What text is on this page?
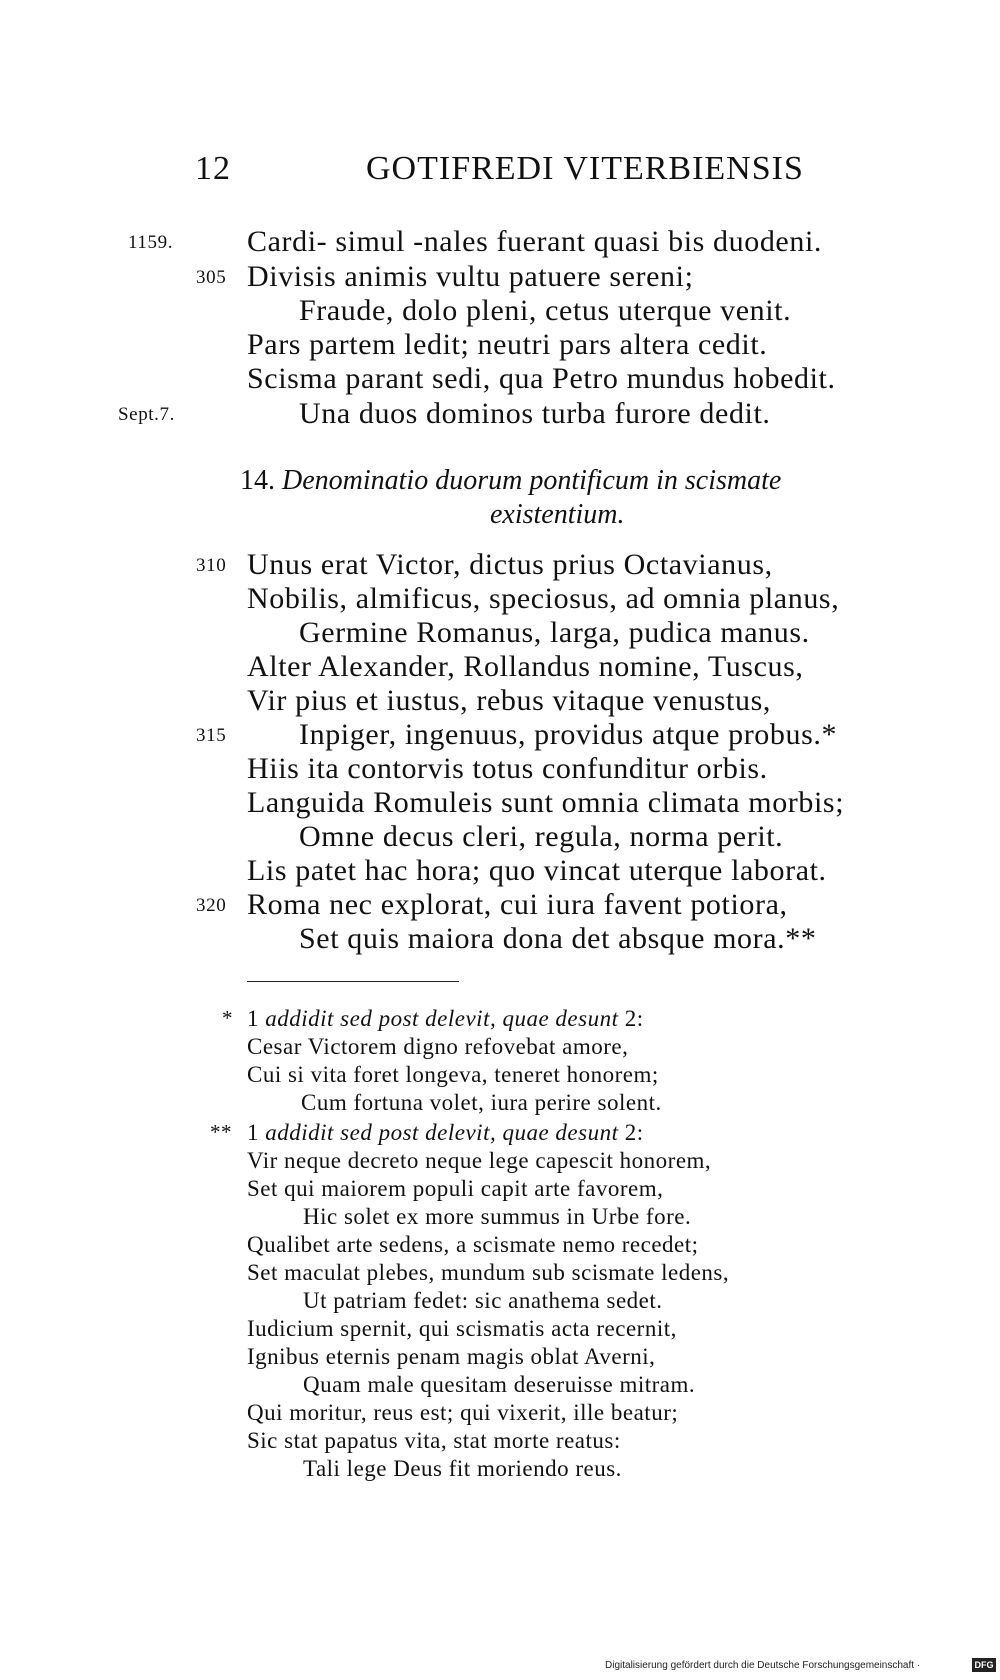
12	GOTIFREDI VITERBIENSIS
1159. Cardi- simul -nales fuerant quasi bis duodeni.
305 Divisis animis vultu patuere sereni;
Fraude, dolo pleni, cetus uterque venit.
Pars partem ledit; neutri pars altera cedit.
Scisma parant sedi, qua Petro mundus hobedit.
Sept.7.	Una duos dominos turba furore dedit.
14. Denominatio duorum pontificum in scismate
existentium.
310 Unus erat Victor, dictus prius Octavianus,
Nobilis, almificus, speciosus, ad omnia planus,
Germine Romanus, larga, pudica manus.
Alter Alexander, Rollandus nomine, Tuscus,
Vir pius et iustus, rebus vitaque venustus,
315 Inpiger, ingenuus, providus atque probus.*
Hiis ita contorvis totus confunditur orbis.
Languida Romuleis sunt omnia climata morbis;
Omne decus cleri, regula, norma perit.
Lis patet hac hora; quo vincat uterque laborat.
320 Roma nec explorat, cui iura favent potiora,
Set quis maiora dona det absque mora.**
* 1 addidit sed post delevit, quae desunt 2:
Cesar Victorem digno refovebat amore,
Cui si vita foret longeva, teneret honorem;
Cum fortuna volet, iura perire solent.
** 1 addidit sed post delevit, quae desunt 2:
Vir neque decreto neque lege capescit honorem,
Set qui maiorem populi capit arte favorem,
Hic solet ex more summus in Urbe fore.
Qualibet arte sedens, a scismate nemo recedet;
Set maculat plebes, mundum sub scismate ledens,
Ut patriam fedet: sic anathema sedet.
Iudicium spernit, qui scismatis acta recernit,
Ignibus eternis penam magis oblat Averni,
Quam male quesitam deseruisse mitram.
Qui moritur, reus est; qui vixerit, ille beatur;
Sic stat papatus vita, stat morte reatus:
Tali lege Deus fit moriendo reus.
Digitalisierung gefördert durch die Deutsche Forschungsgemeinschaft ·	DFG
